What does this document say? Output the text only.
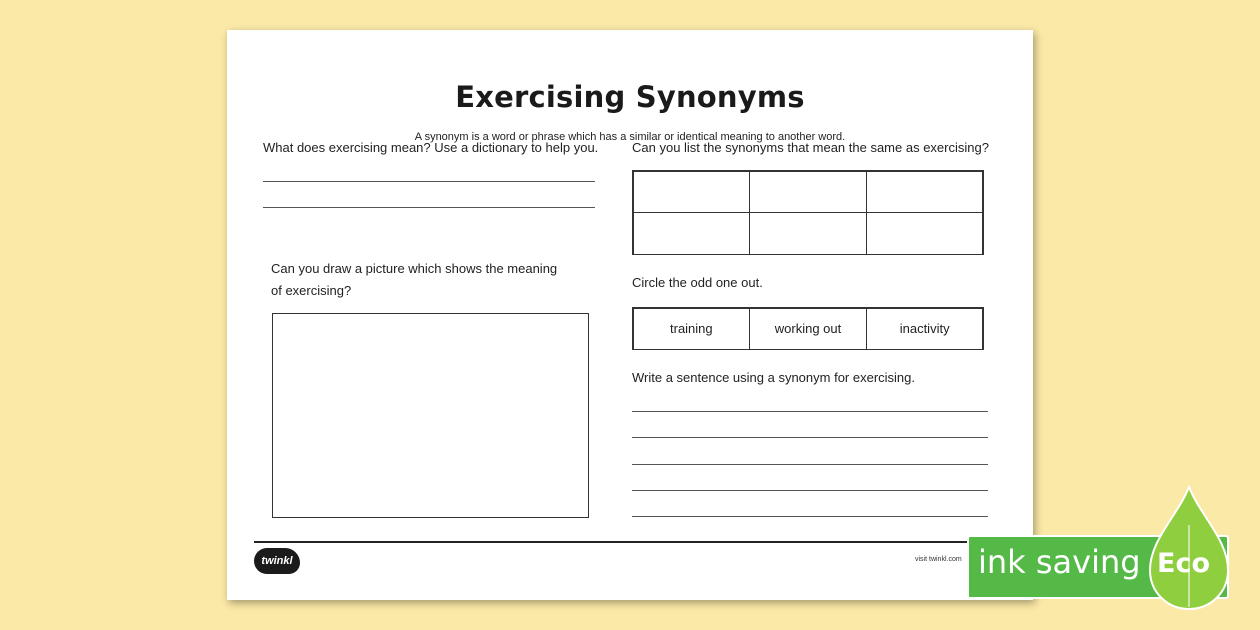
Exercising Synonyms
A synonym is a word or phrase which has a similar or identical meaning to another word.
What does exercising mean? Use a dictionary to help you.
Can you draw a picture which shows the meaning
of exercising?
Can you list the synonyms that mean the same as exercising?
Circle the odd one out.
training	working out	inactivity
Write a sentence using a synonym for exercising.
twinkl	visit twinkl.com ink saving Eco
